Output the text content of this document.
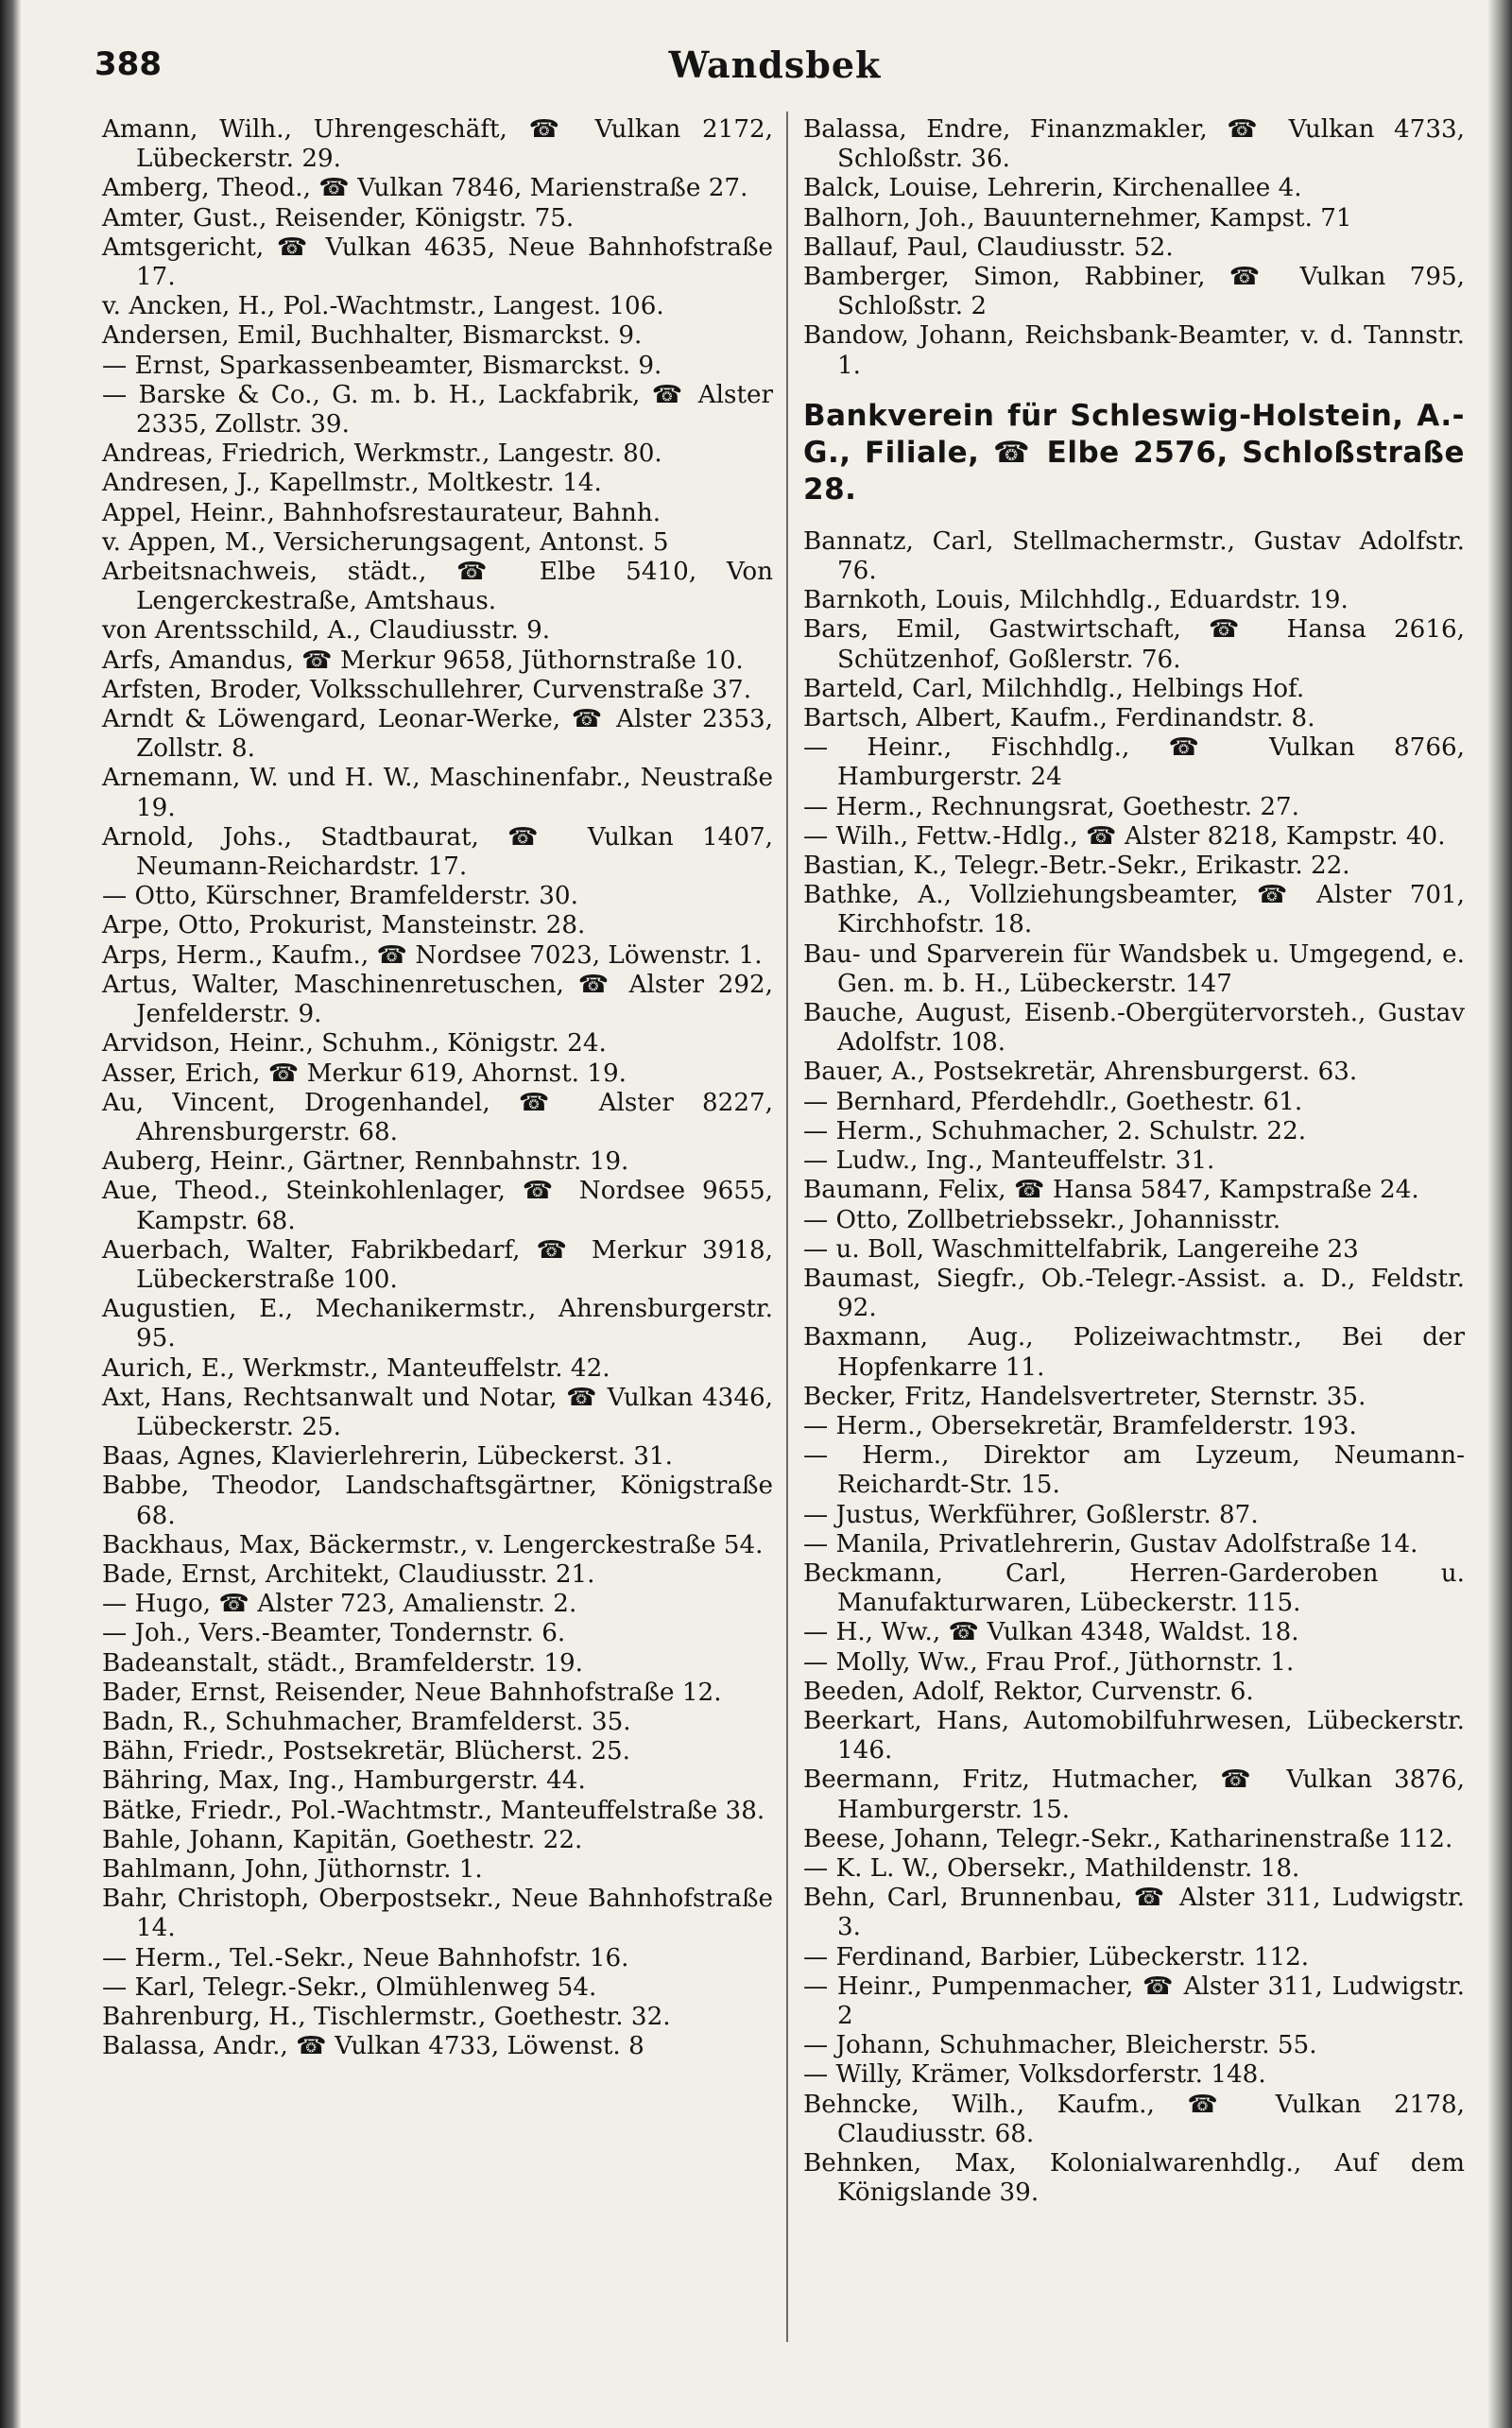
388	Wandsbek

Amann, Wilh., Uhrengeschäft, ☎ Vulkan 2172, Lübeckerstr. 29.

Amberg, Theod., ☎ Vulkan 7846, Marienstraße 27.

Amter, Gust., Reisender, Königstr. 75.

Amtsgericht, ☎ Vulkan 4635, Neue Bahnhofstraße 17.

v. Ancken, H., Pol.-Wachtmstr., Langest. 106.

Andersen, Emil, Buchhalter, Bismarckst. 9.

— Ernst, Sparkassenbeamter, Bismarckst. 9.

— Barske & Co., G. m. b. H., Lackfabrik, ☎ Alster 2335, Zollstr. 39.

Andreas, Friedrich, Werkmstr., Langestr. 80.

Andresen, J., Kapellmstr., Moltkestr. 14.

Appel, Heinr., Bahnhofsrestaurateur, Bahnh.

v. Appen, M., Versicherungsagent, Antonst. 5

Arbeitsnachweis, städt., ☎ Elbe 5410, Von Lengerckestraße, Amtshaus.

von Arentsschild, A., Claudiusstr. 9.

Arfs, Amandus, ☎ Merkur 9658, Jüthornstraße 10.

Arfsten, Broder, Volksschullehrer, Curvenstraße 37.

Arndt & Löwengard, Leonar-Werke, ☎ Alster 2353, Zollstr. 8.

Arnemann, W. und H. W., Maschinenfabr., Neustraße 19.

Arnold, Johs., Stadtbaurat, ☎ Vulkan 1407, Neumann-Reichardstr. 17.

— Otto, Kürschner, Bramfelderstr. 30.

Arpe, Otto, Prokurist, Mansteinstr. 28.

Arps, Herm., Kaufm., ☎ Nordsee 7023, Löwenstr. 1.

Artus, Walter, Maschinenretuschen, ☎ Alster 292, Jenfelderstr. 9.

Arvidson, Heinr., Schuhm., Königstr. 24.

Asser, Erich, ☎ Merkur 619, Ahornst. 19.

Au, Vincent, Drogenhandel, ☎ Alster 8227, Ahrensburgerstr. 68.

Auberg, Heinr., Gärtner, Rennbahnstr. 19.

Aue, Theod., Steinkohlenlager, ☎ Nordsee 9655, Kampstr. 68.

Auerbach, Walter, Fabrikbedarf, ☎ Merkur 3918, Lübeckerstraße 100.

Augustien, E., Mechanikermstr., Ahrensburgerstr. 95.

Aurich, E., Werkmstr., Manteuffelstr. 42.

Axt, Hans, Rechtsanwalt und Notar, ☎ Vulkan 4346, Lübeckerstr. 25.

Baas, Agnes, Klavierlehrerin, Lübeckerst. 31.

Babbe, Theodor, Landschaftsgärtner, Königstraße 68.

Backhaus, Max, Bäckermstr., v. Lengerckestraße 54.

Bade, Ernst, Architekt, Claudiusstr. 21.

— Hugo, ☎ Alster 723, Amalienstr. 2.

— Joh., Vers.-Beamter, Tondernstr. 6.

Badeanstalt, städt., Bramfelderstr. 19.

Bader, Ernst, Reisender, Neue Bahnhofstraße 12.

Badn, R., Schuhmacher, Bramfelderst. 35.

Bähn, Friedr., Postsekretär, Blücherst. 25.

Bähring, Max, Ing., Hamburgerstr. 44.

Bätke, Friedr., Pol.-Wachtmstr., Manteuffelstraße 38.

Bahle, Johann, Kapitän, Goethestr. 22.

Bahlmann, John, Jüthornstr. 1.

Bahr, Christoph, Oberpostsekr., Neue Bahnhofstraße 14.

— Herm., Tel.-Sekr., Neue Bahnhofstr. 16.

— Karl, Telegr.-Sekr., Olmühlenweg 54.

Bahrenburg, H., Tischlermstr., Goethestr. 32.

Balassa, Andr., ☎ Vulkan 4733, Löwenst. 8

Balassa, Endre, Finanzmakler, ☎ Vulkan 4733, Schloßstr. 36.

Balck, Louise, Lehrerin, Kirchenallee 4.

Balhorn, Joh., Bauunternehmer, Kampst. 71

Ballauf, Paul, Claudiusstr. 52.

Bamberger, Simon, Rabbiner, ☎ Vulkan 795, Schloßstr. 2

Bandow, Johann, Reichsbank-Beamter, v. d. Tannstr. 1.

Bankverein für Schleswig-Holstein, A.-G., Filiale, ☎ Elbe 2576, Schloßstraße 28.

Bannatz, Carl, Stellmachermstr., Gustav Adolfstr. 76.

Barnkoth, Louis, Milchhdlg., Eduardstr. 19.

Bars, Emil, Gastwirtschaft, ☎ Hansa 2616, Schützenhof, Goßlerstr. 76.

Barteld, Carl, Milchhdlg., Helbings Hof.

Bartsch, Albert, Kaufm., Ferdinandstr. 8.

— Heinr., Fischhdlg., ☎ Vulkan 8766, Hamburgerstr. 24

— Herm., Rechnungsrat, Goethestr. 27.

— Wilh., Fettw.-Hdlg., ☎ Alster 8218, Kampstr. 40.

Bastian, K., Telegr.-Betr.-Sekr., Erikastr. 22.

Bathke, A., Vollziehungsbeamter, ☎ Alster 701, Kirchhofstr. 18.

Bau- und Sparverein für Wandsbek u. Umgegend, e. Gen. m. b. H., Lübeckerstr. 147

Bauche, August, Eisenb.-Obergütervorsteh., Gustav Adolfstr. 108.

Bauer, A., Postsekretär, Ahrensburgerst. 63.

— Bernhard, Pferdehdlr., Goethestr. 61.

— Herm., Schuhmacher, 2. Schulstr. 22.

— Ludw., Ing., Manteuffelstr. 31.

Baumann, Felix, ☎ Hansa 5847, Kampstraße 24.

— Otto, Zollbetriebssekr., Johannisstr.

— u. Boll, Waschmittelfabrik, Langereihe 23

Baumast, Siegfr., Ob.-Telegr.-Assist. a. D., Feldstr. 92.

Baxmann, Aug., Polizeiwachtmstr., Bei der Hopfenkarre 11.

Becker, Fritz, Handelsvertreter, Sternstr. 35.

— Herm., Obersekretär, Bramfelderstr. 193.

— Herm., Direktor am Lyzeum, Neumann-Reichardt-Str. 15.

— Justus, Werkführer, Goßlerstr. 87.

— Manila, Privatlehrerin, Gustav Adolfstraße 14.

Beckmann, Carl, Herren-Garderoben u. Manufakturwaren, Lübeckerstr. 115.

— H., Ww., ☎ Vulkan 4348, Waldst. 18.

— Molly, Ww., Frau Prof., Jüthornstr. 1.

Beeden, Adolf, Rektor, Curvenstr. 6.

Beerkart, Hans, Automobilfuhrwesen, Lübeckerstr. 146.

Beermann, Fritz, Hutmacher, ☎ Vulkan 3876, Hamburgerstr. 15.

Beese, Johann, Telegr.-Sekr., Katharinenstraße 112.

— K. L. W., Obersekr., Mathildenstr. 18.

Behn, Carl, Brunnenbau, ☎ Alster 311, Ludwigstr. 3.

— Ferdinand, Barbier, Lübeckerstr. 112.

— Heinr., Pumpenmacher, ☎ Alster 311, Ludwigstr. 2

— Johann, Schuhmacher, Bleicherstr. 55.

— Willy, Krämer, Volksdorferstr. 148.

Behncke, Wilh., Kaufm., ☎ Vulkan 2178, Claudiusstr. 68.

Behnken, Max, Kolonialwarenhdlg., Auf dem Königslande 39.
